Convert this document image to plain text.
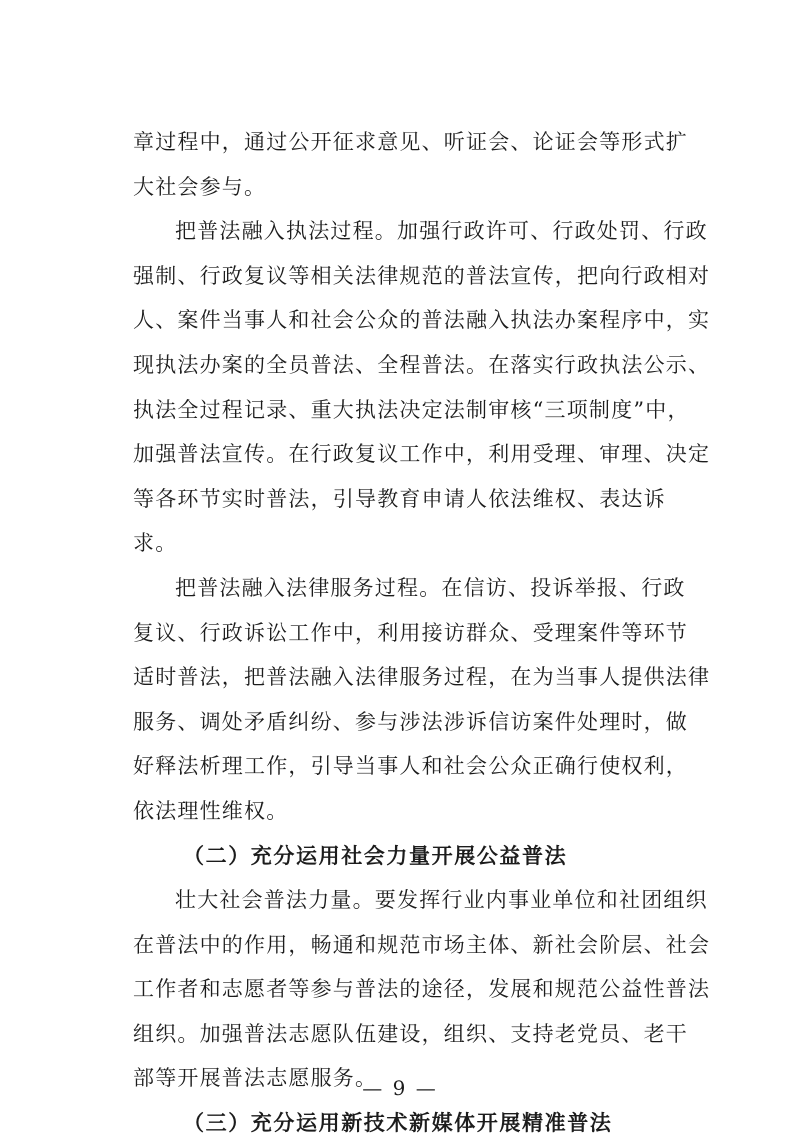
章过程中，通过公开征求意见、听证会、论证会等形式扩
大社会参与。
把普法融入执法过程。加强行政许可、行政处罚、行政
强制、行政复议等相关法律规范的普法宣传，把向行政相对
人、案件当事人和社会公众的普法融入执法办案程序中，实
现执法办案的全员普法、全程普法。在落实行政执法公示、
执法全过程记录、重大执法决定法制审核“三项制度”中，
加强普法宣传。在行政复议工作中，利用受理、审理、决定
等各环节实时普法，引导教育申请人依法维权、表达诉
求。
把普法融入法律服务过程。在信访、投诉举报、行政
复议、行政诉讼工作中，利用接访群众、受理案件等环节
适时普法，把普法融入法律服务过程，在为当事人提供法律
服务、调处矛盾纠纷、参与涉法涉诉信访案件处理时，做
好释法析理工作，引导当事人和社会公众正确行使权利，
依法理性维权。
（二）充分运用社会力量开展公益普法
壮大社会普法力量。要发挥行业内事业单位和社团组织
在普法中的作用，畅通和规范市场主体、新社会阶层、社会
工作者和志愿者等参与普法的途径，发展和规范公益性普法
组织。加强普法志愿队伍建设，组织、支持老党员、老干
部等开展普法志愿服务。
（三）充分运用新技术新媒体开展精准普法
— 9 —
